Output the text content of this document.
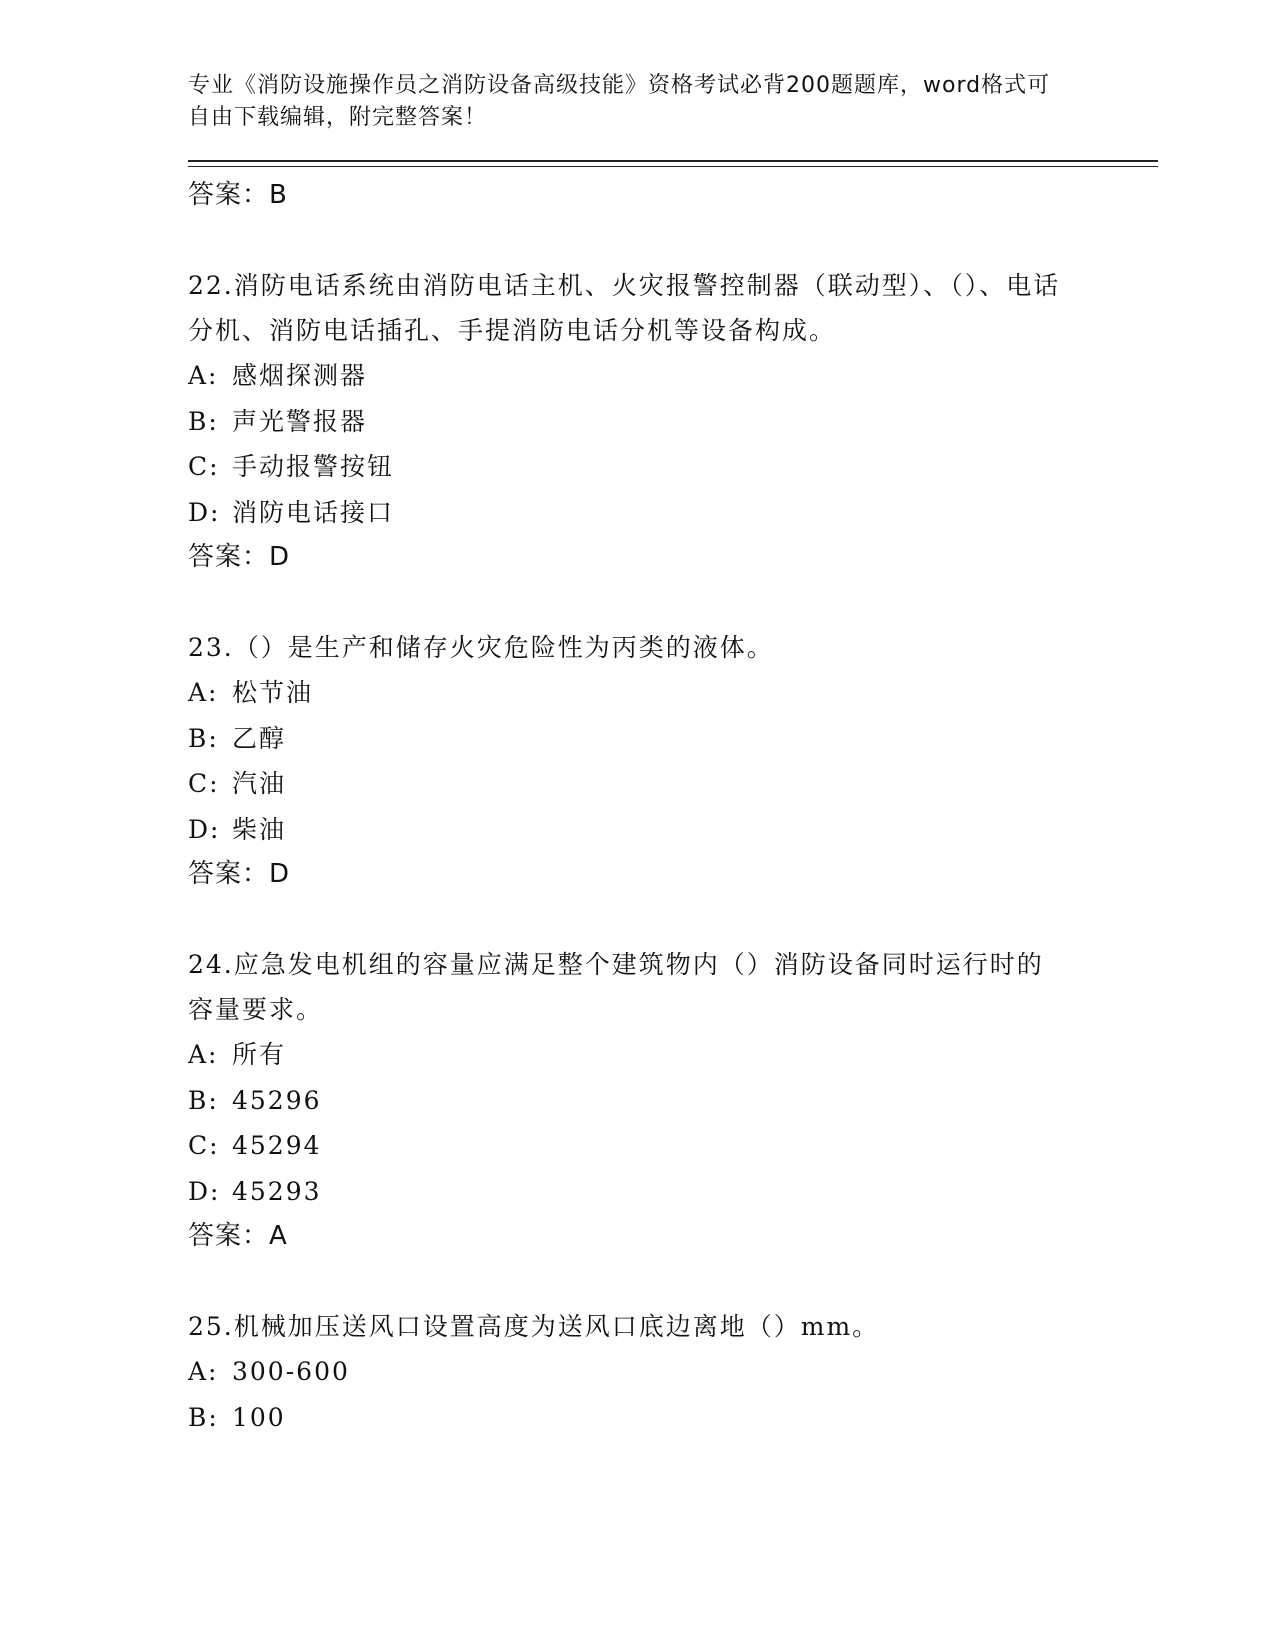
专业《消防设施操作员之消防设备高级技能》资格考试必背200题题库，word格式可自由下载编辑，附完整答案！

答案：B

22.消防电话系统由消防电话主机、火灾报警控制器（联动型）、（）、电话分机、消防电话插孔、手提消防电话分机等设备构成。

A: 感烟探测器

B: 声光警报器

C: 手动报警按钮

D: 消防电话接口

答案：D

23.（）是生产和储存火灾危险性为丙类的液体。

A: 松节油

B: 乙醇

C: 汽油

D: 柴油

答案：D

24.应急发电机组的容量应满足整个建筑物内（）消防设备同时运行时的容量要求。

A: 所有

B: 45296

C: 45294

D: 45293

答案：A

25.机械加压送风口设置高度为送风口底边离地（）mm。

A: 300-600

B: 100
